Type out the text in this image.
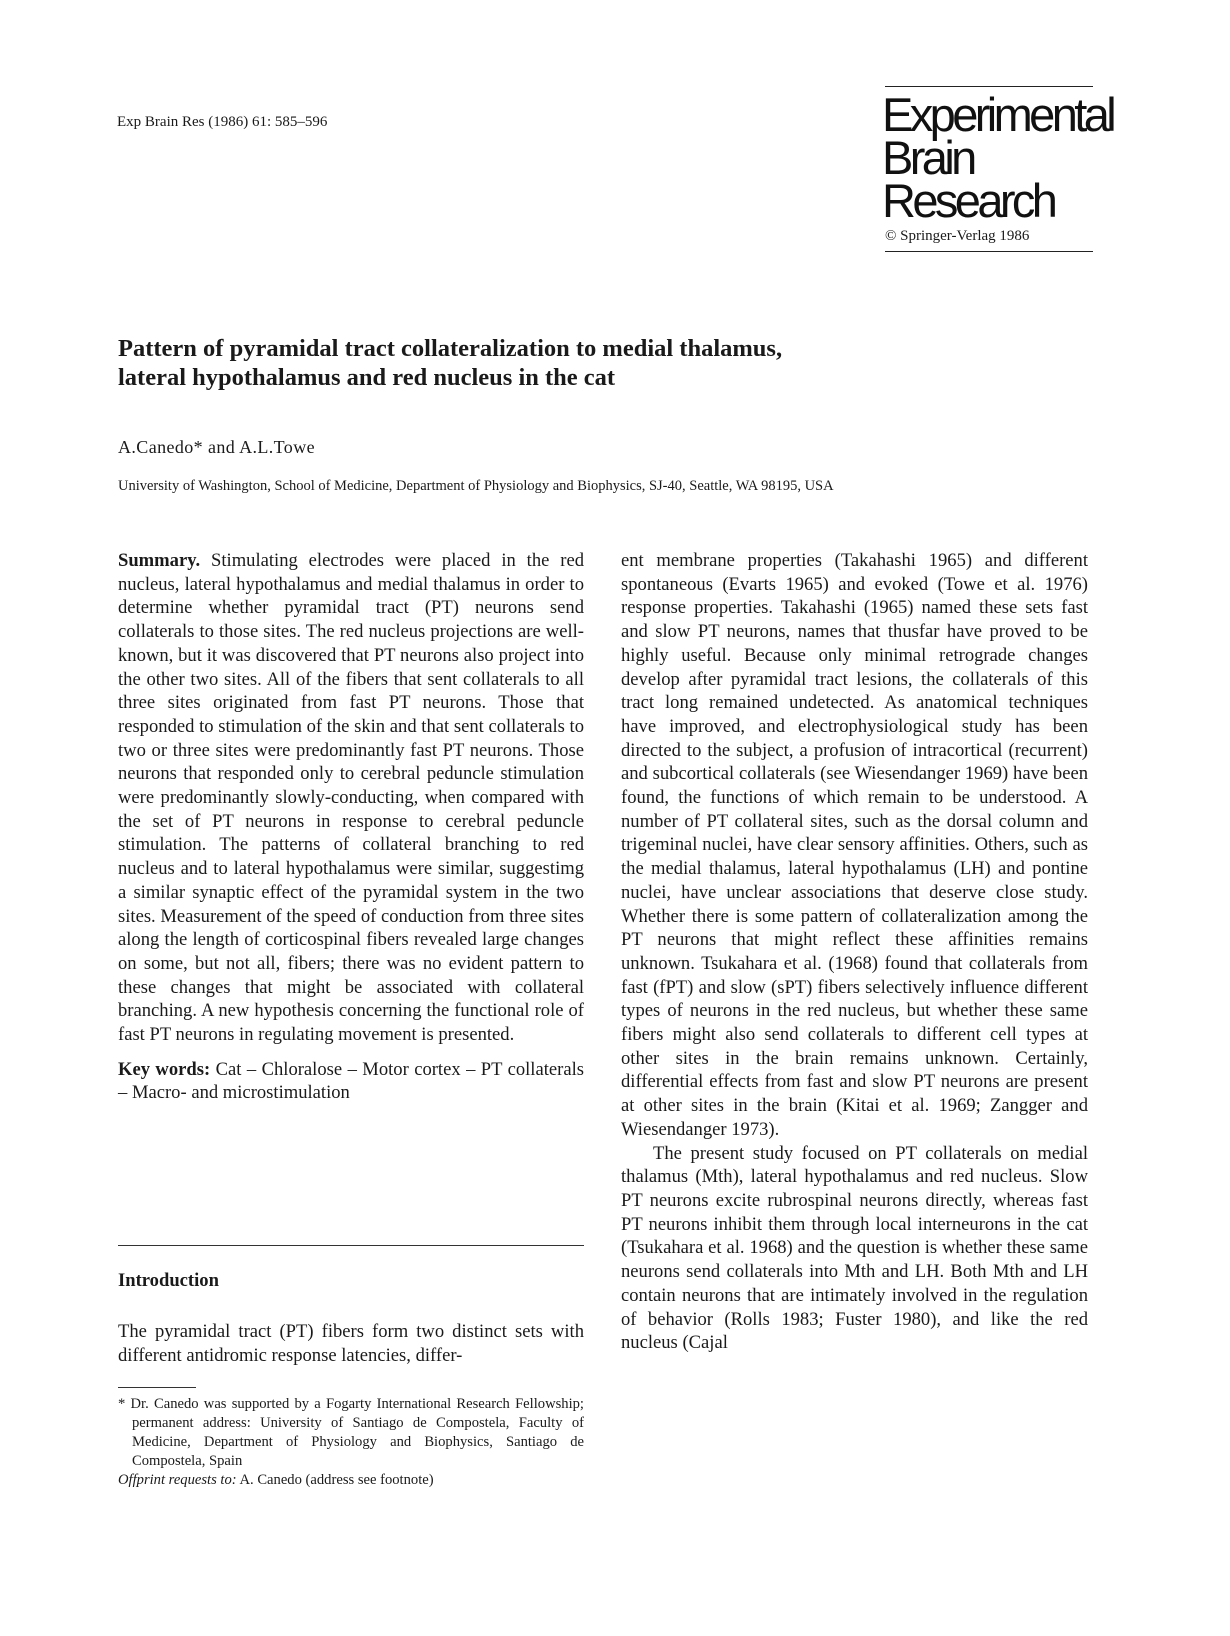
Exp Brain Res (1986) 61: 585–596	Experimental
Brain Research
© Springer-Verlag 1986
Pattern of pyramidal tract collateralization to medial thalamus,
lateral hypothalamus and red nucleus in the cat
A.Canedo* and A.L.Towe
University of Washington, School of Medicine, Department of Physiology and Biophysics, SJ-40, Seattle, WA 98195, USA

Summary. Stimulating electrodes were placed in the red nucleus, lateral hypothalamus and medial thalamus in order to determine whether pyramidal tract (PT) neurons send collaterals to those sites. The red nucleus projections are well-known, but it was discovered that PT neurons also project into the other two sites. All of the fibers that sent collaterals to all three sites originated from fast PT neurons. Those that responded to stimulation of the skin and that sent collaterals to two or three sites were predominantly fast PT neurons. Those neurons that responded only to cerebral peduncle stimulation were predominantly slowly-conducting, when compared with the set of PT neurons in response to cerebral peduncle stimulation. The patterns of collateral branching to red nucleus and to lateral hypothalamus were similar, suggestimg a similar synaptic effect of the pyramidal system in the two sites. Measurement of the speed of conduction from three sites along the length of corticospinal fibers revealed large changes on some, but not all, fibers; there was no evident pattern to these changes that might be associated with collateral branching. A new hypothesis concerning the functional role of fast PT neurons in regulating movement is presented.

Key words: Cat – Chloralose – Motor cortex – PT collaterals – Macro- and microstimulation

Introduction

The pyramidal tract (PT) fibers form two distinct sets with different antidromic response latencies, differ-

* Dr. Canedo was supported by a Fogarty International Research Fellowship; permanent address: University of Santiago de Compostela, Faculty of Medicine, Department of Physiology and Biophysics, Santiago de Compostela, Spain

Offprint requests to: A. Canedo (address see footnote)

ent membrane properties (Takahashi 1965) and different spontaneous (Evarts 1965) and evoked (Towe et al. 1976) response properties. Takahashi (1965) named these sets fast and slow PT neurons, names that thusfar have proved to be highly useful. Because only minimal retrograde changes develop after pyramidal tract lesions, the collaterals of this tract long remained undetected. As anatomical techniques have improved, and electrophysiological study has been directed to the subject, a profusion of intracortical (recurrent) and subcortical collaterals (see Wiesendanger 1969) have been found, the functions of which remain to be understood. A number of PT collateral sites, such as the dorsal column and trigeminal nuclei, have clear sensory affinities. Others, such as the medial thalamus, lateral hypothalamus (LH) and pontine nuclei, have unclear associations that deserve close study. Whether there is some pattern of collateralization among the PT neurons that might reflect these affinities remains unknown. Tsukahara et al. (1968) found that collaterals from fast (fPT) and slow (sPT) fibers selectively influence different types of neurons in the red nucleus, but whether these same fibers might also send collaterals to different cell types at other sites in the brain remains unknown. Certainly, differential effects from fast and slow PT neurons are present at other sites in the brain (Kitai et al. 1969; Zangger and Wiesendanger 1973).

The present study focused on PT collaterals on medial thalamus (Mth), lateral hypothalamus and red nucleus. Slow PT neurons excite rubrospinal neurons directly, whereas fast PT neurons inhibit them through local interneurons in the cat (Tsukahara et al. 1968) and the question is whether these same neurons send collaterals into Mth and LH. Both Mth and LH contain neurons that are intimately involved in the regulation of behavior (Rolls 1983; Fuster 1980), and like the red nucleus (Cajal
